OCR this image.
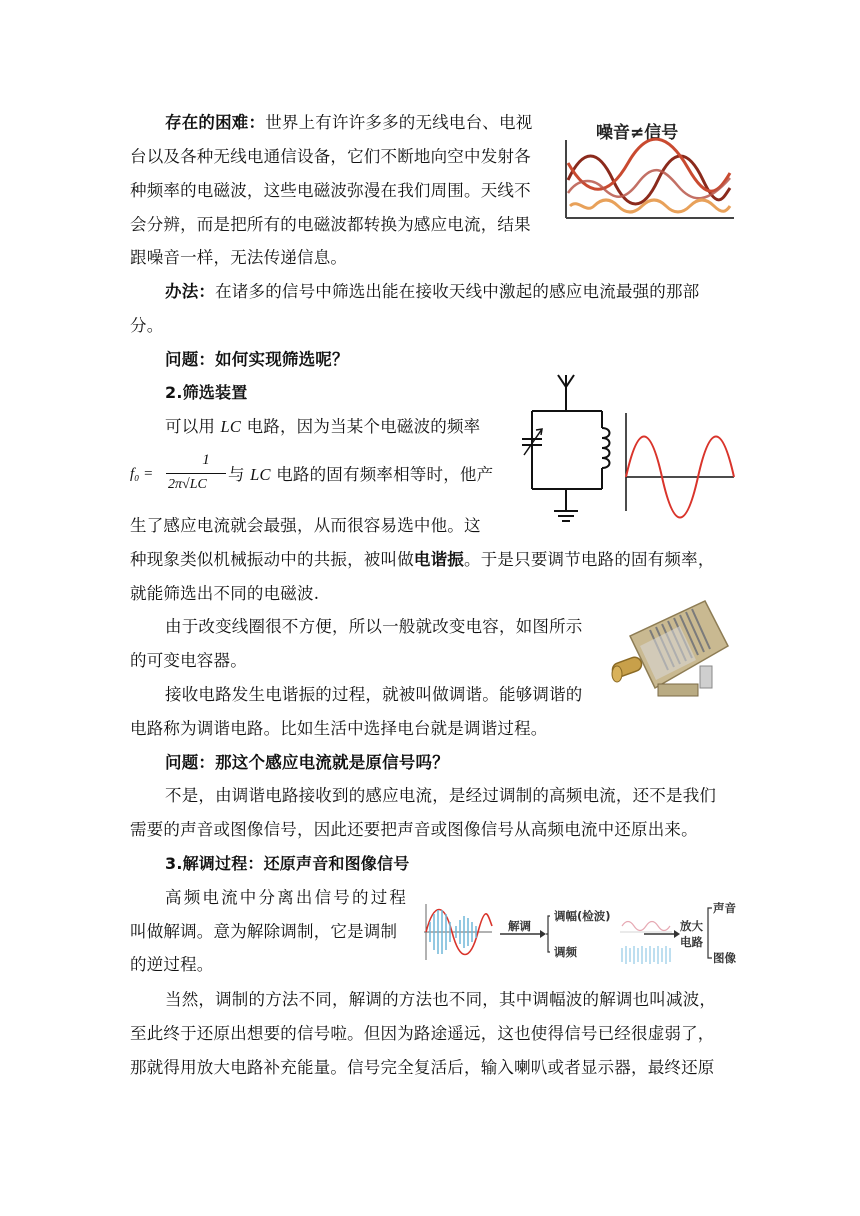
存在的困难：世界上有许许多多的无线电台、电视
台以及各种无线电通信设备，它们不断地向空中发射各
种频率的电磁波，这些电磁波弥漫在我们周围。天线不
会分辨，而是把所有的电磁波都转换为感应电流，结果
跟噪音一样，无法传递信息。
噪音≠信号
办法：在诸多的信号中筛选出能在接收天线中激起的感应电流最强的那部
分。
问题：如何实现筛选呢？
2.筛选装置
可以用 LC 电路，因为当某个电磁波的频率
f₀ =
1
2π√LC
与 LC 电路的固有频率相等时，他产
生了感应电流就会最强，从而很容易选中他。这
种现象类似机械振动中的共振，被叫做电谐振。于是只要调节电路的固有频率，
就能筛选出不同的电磁波.
由于改变线圈很不方便，所以一般就改变电容，如图所示
的可变电容器。
接收电路发生电谐振的过程，就被叫做调谐。能够调谐的
电路称为调谐电路。比如生活中选择电台就是调谐过程。
问题：那这个感应电流就是原信号吗？
不是，由调谐电路接收到的感应电流，是经过调制的高频电流，还不是我们
需要的声音或图像信号，因此还要把声音或图像信号从高频电流中还原出来。
3.解调过程：还原声音和图像信号
高频电流中分离出信号的过程
叫做解调。意为解除调制，它是调制
的逆过程。
解调
调幅(检波)
调频
放大
电路
声音
图像
当然，调制的方法不同，解调的方法也不同，其中调幅波的解调也叫减波，
至此终于还原出想要的信号啦。但因为路途遥远，这也使得信号已经很虚弱了，
那就得用放大电路补充能量。信号完全复活后，输入喇叭或者显示器，最终还原
